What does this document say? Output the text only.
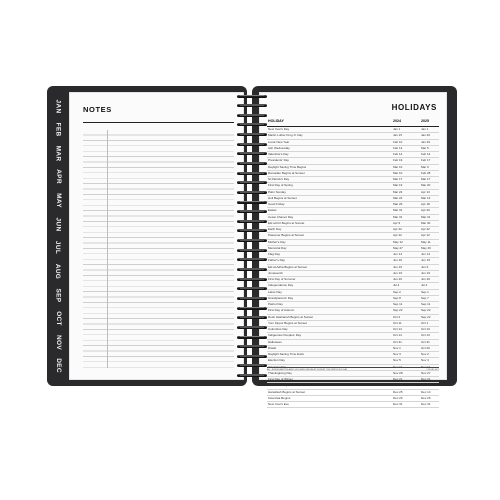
JAN
FEB
MAR
APR
MAY
JUN
JUL
AUG
SEP
OCT
NOV
DEC
NOTES	HOLIDAYS
HOLIDAY	2024	2025
New Year's Day	Jan 1	Jan 1
Martin Luther King Jr. Day	Jan 15	Jan 20
Lunar New Year	Feb 10	Jan 29
Ash Wednesday	Feb 14	Mar 5
Valentine's Day	Feb 14	Feb 14
Presidents' Day	Feb 19	Feb 17
Daylight Saving Time Begins	Mar 10	Mar 9
Ramadan Begins at Sunset	Mar 10	Feb 28
St Patrick's Day	Mar 17	Mar 17
First Day of Spring	Mar 19	Mar 20
Palm Sunday	Mar 24	Apr 13
Holi Begins at Sunset	Mar 24	Mar 13
Good Friday	Mar 29	Apr 18
Easter	Mar 31	Apr 20
Cesar Chavez Day	Mar 31	Mar 31
Eid al-Fitr Begins at Sunset	Apr 9	Mar 30
Earth Day	Apr 22	Apr 22
Passover Begins at Sunset	Apr 22	Apr 12
Mother's Day	May 12	May 11
Memorial Day	May 27	May 26
Flag Day	Jun 14	Jun 14
Father's Day	Jun 16	Jun 15
Eid al-Adha Begins at Sunset	Jun 16	Jun 6
Juneteenth	Jun 19	Jun 19
First Day of Summer	Jun 20	Jun 20
Independence Day	Jul 4	Jul 4
Labor Day	Sep 2	Sep 1
Grandparents' Day	Sep 8	Sep 7
Patriot Day	Sep 11	Sep 11
First Day of Autumn	Sep 22	Sep 22
Rosh Hashanah Begins at Sunset	Oct 2	Sep 22
Yom Kippur Begins at Sunset	Oct 11	Oct 1
Columbus Day	Oct 14	Oct 13
Indigenous Peoples' Day	Oct 14	Oct 13
Halloween	Oct 31	Oct 31
Diwali	Nov 1	Oct 20
Daylight Saving Time Ends	Nov 3	Nov 2
Election Day	Nov 5	Nov 4
Veterans Day	Nov 11	Nov 11
Thanksgiving Day	Nov 28	Nov 27
First Day of Winter	Dec 21	Dec 21
Christmas Day	Dec 25	Dec 25
Hanukkah Begins at Sunset	Dec 25	Dec 14
Kwanzaa Begins	Dec 26	Dec 26
New Year's Eve	Dec 31	Dec 31
ALL JEWISH AND ISLAMIC HOLIDAYS BEGIN AT SUNSET THE PREVIOUS DAY	© BLUE SKY
